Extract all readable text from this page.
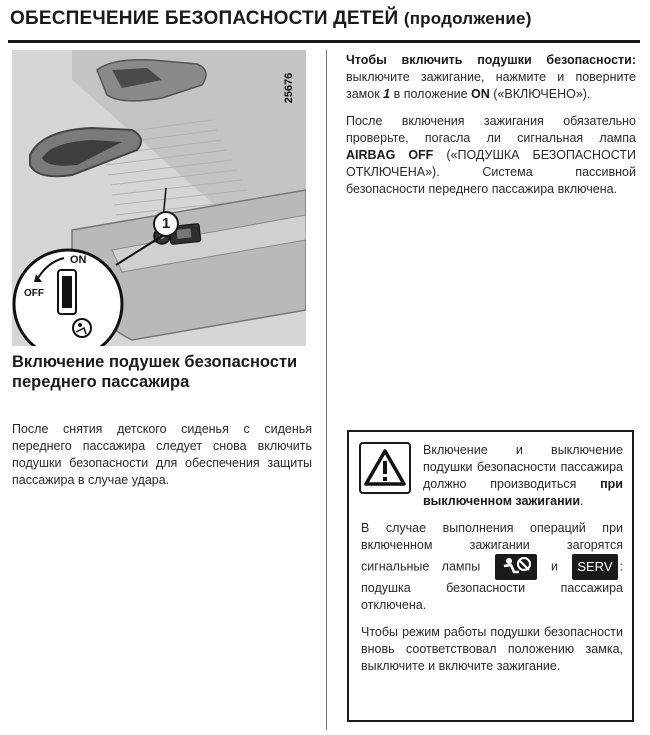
ОБЕСПЕЧЕНИЕ БЕЗОПАСНОСТИ ДЕТЕЙ (продолжение)
ON
OFF
1
25676
Включение подушек безопасности переднего пассажира
После снятия детского сиденья с сиденья переднего пассажира следует снова включить подушки безопасности для обеспечения защиты пассажира в случае удара.

Чтобы включить подушки безопасности: выключите зажигание, нажмите и поверните замок 1 в положение ON («ВКЛЮЧЕНО»).

После включения зажигания обязательно проверьте, погасла ли сигнальная лампа AIRBAG OFF («ПОДУШКА БЕЗОПАСНОСТИ ОТКЛЮЧЕНА»). Система пассивной безопасности переднего пассажира включена.

Включение и выключение подушки безопасности пассажира должно производиться при выключенном зажигании.

В случае выполнения операций при включенном зажигании загорятся сигнальные лампы	и SERV : подушка безопасности пассажира отключена.

Чтобы режим работы подушки безопасности вновь соответствовал положению замка, выключите и включите зажигание.
